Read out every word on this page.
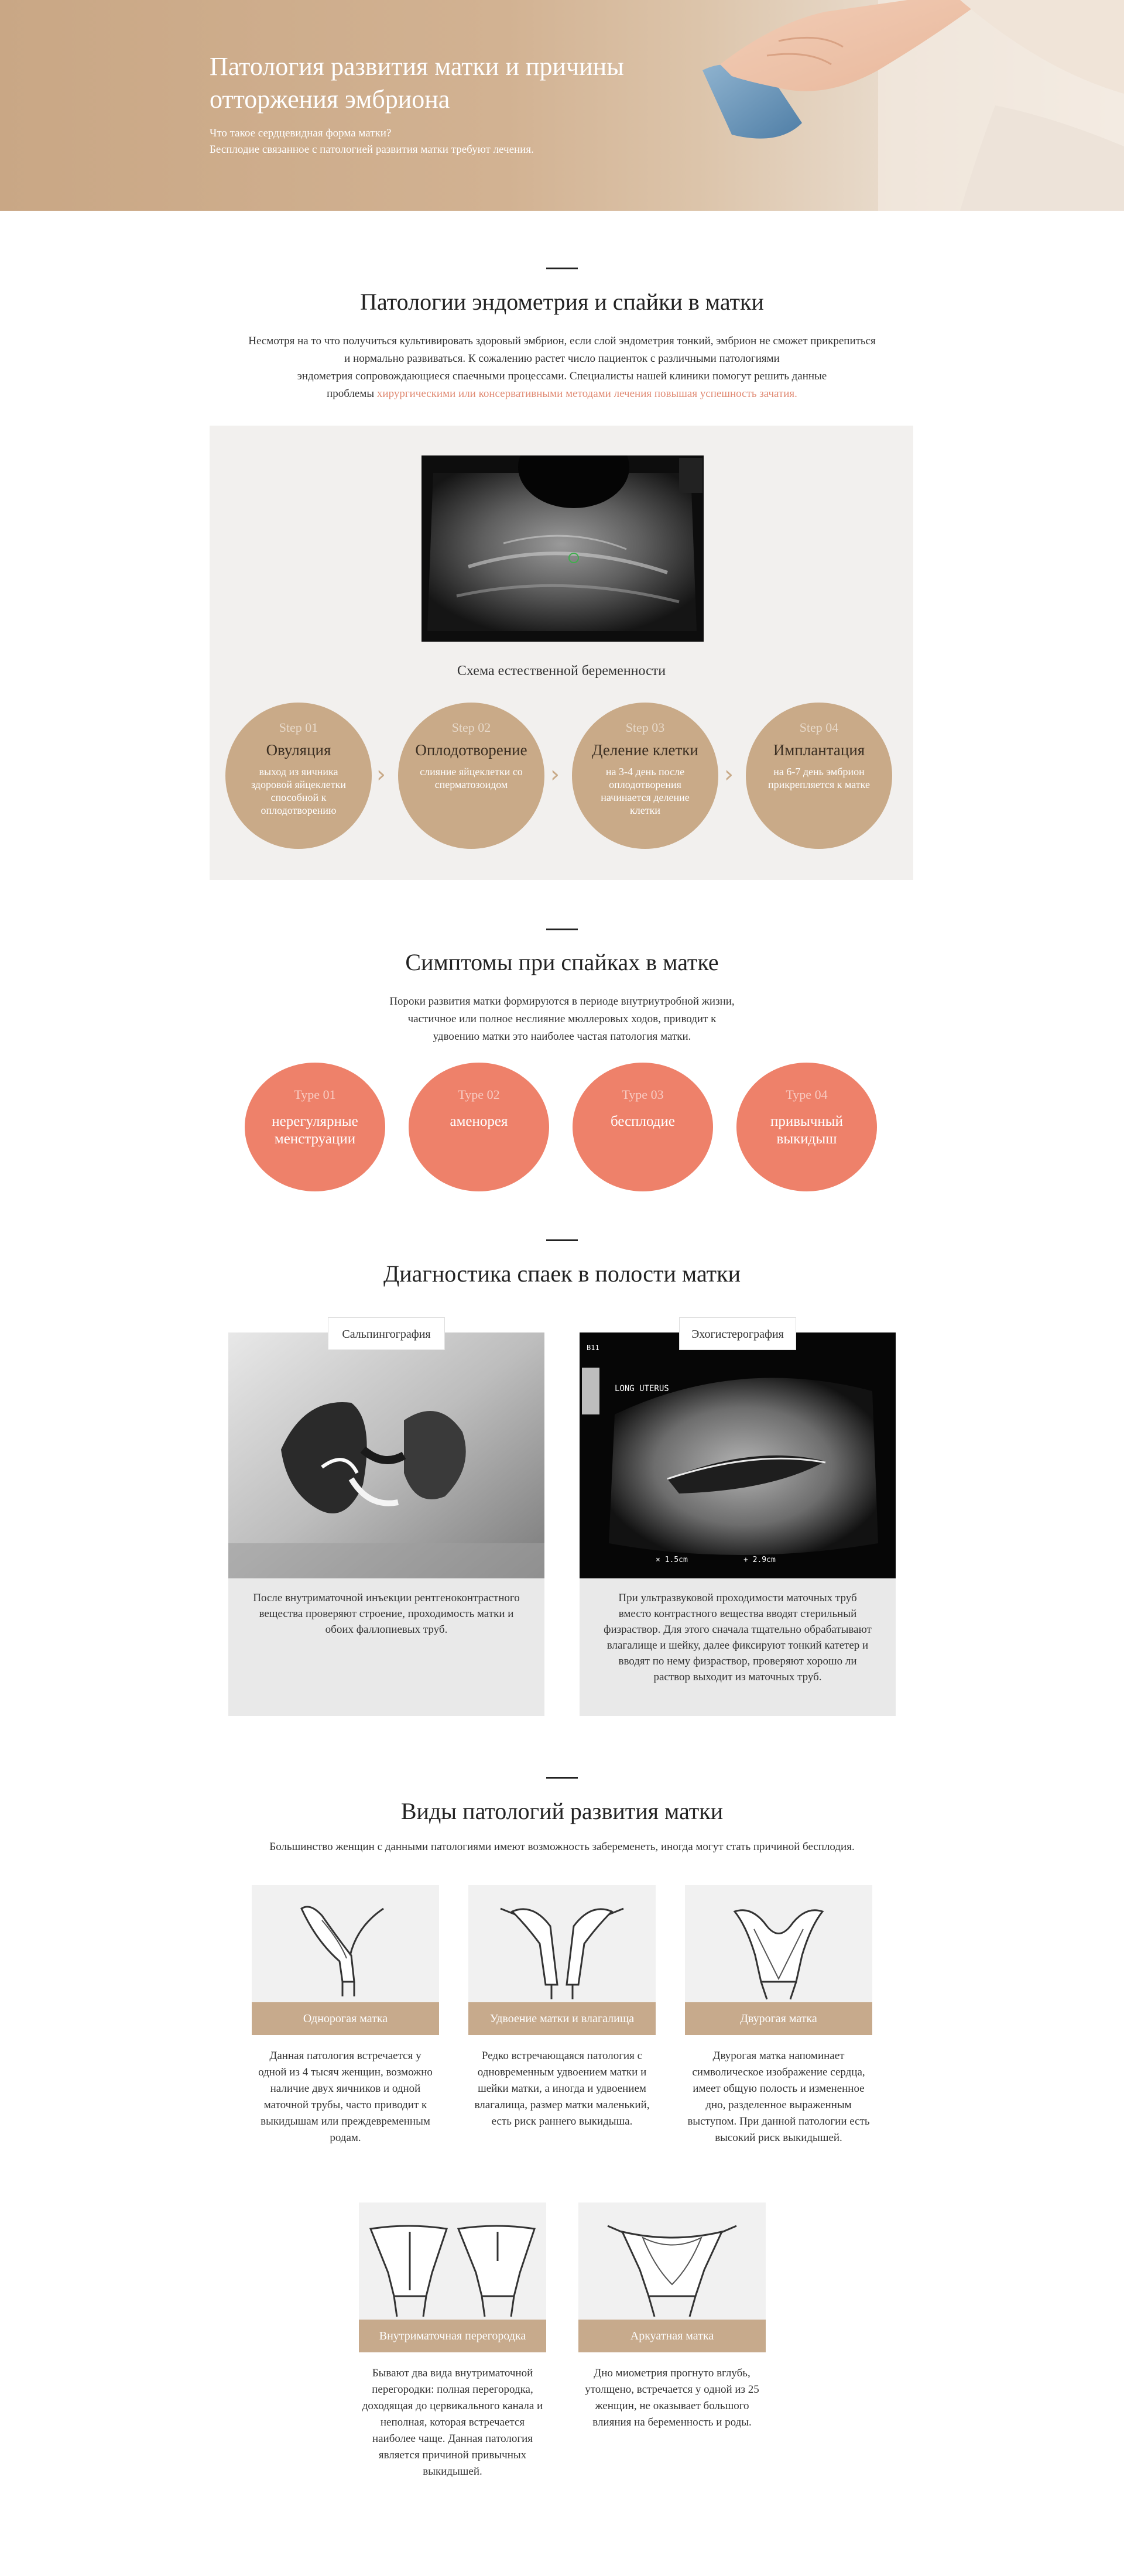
Патология развития матки и причины отторжения эмбриона
Что такое сердцевидная форма матки?
Бесплодие связанное с патологией развития матки требуют лечения.
Патологии эндометрия и спайки в матки
Несмотря на то что получиться культивировать здоровый эмбрион, если слой эндометрия тонкий, эмбрион не сможет прикрепиться
и нормально развиваться. К сожалению растет число пациенток с различными патологиями
эндометрия сопровождающиеся спаечными процессами. Специалисты нашей клиники помогут решить данные
проблемы хирургическими или консервативными методами лечения повышая успешность зачатия.
Схема естественной беременности
Step 01
Овуляция
выход из яичника здоровой яйцеклетки способной к оплодотворению
›
Step 02
Оплодотворение
слияние яйцеклетки со сперматозоидом	›
Step 03
Деление клетки
на 3-4 день после оплодотворения начинается деление клетки
›
Step 04
Имплантация
на 6-7 день эмбрион прикрепляется к матке
Симптомы при спайках в матке
Пороки развития матки формируются в периоде внутриутробной жизни,
частичное или полное неслияние мюллеровых ходов, приводит к
удвоению матки это наиболее частая патология матки.
Type 01
нерегулярные менструации
Type 02
аменорея
Type 03
бесплодие
Type 04
привычный выкидыш
Диагностика спаек в полости матки
После внутриматочной инъекции рентгеноконтрастного вещества проверяют строение, проходимость матки и обоих фаллопиевых труб.
Сальпингография
B11
LONG UTERUS
× 1.5cm	+ 2.9cm
При ультразвуковой проходимости маточных труб вместо контрастного вещества вводят стерильный физраствор. Для этого сначала тщательно обрабатывают влагалище и шейку, далее фиксируют тонкий катетер и вводят по нему физраствор, проверяют хорошо ли раствор выходит из маточных труб.
Эхогистерография
Виды патологий развития матки
Большинство женщин с данными патологиями имеют возможность забеременеть, иногда могут стать причиной бесплодия.
Однорогая матка
Данная патология встречается у одной из 4 тысяч женщин, возможно наличие двух яичников и одной маточной трубы, часто приводит к выкидышам или преждевременным родам.
Удвоение матки и влагалища
Редко встречающаяся патология с одновременным удвоением матки и шейки матки, а иногда и удвоением влагалища, размер матки маленький, есть риск раннего выкидыша.
Двурогая матка
Двурогая матка напоминает символическое изображение сердца, имеет общую полость и измененное дно, разделенное выраженным выступом. При данной патологии есть высокий риск выкидышей.
Внутриматочная перегородка
Бывают два вида внутриматочной перегородки: полная перегородка, доходящая до цервикального канала и неполная, которая встречается наиболее чаще. Данная патология является причиной привычных выкидышей.
Аркуатная матка
Дно миометрия прогнуто вглубь, утолщено, встречается у одной из 25 женщин, не оказывает большого влияния на беременность и роды.
